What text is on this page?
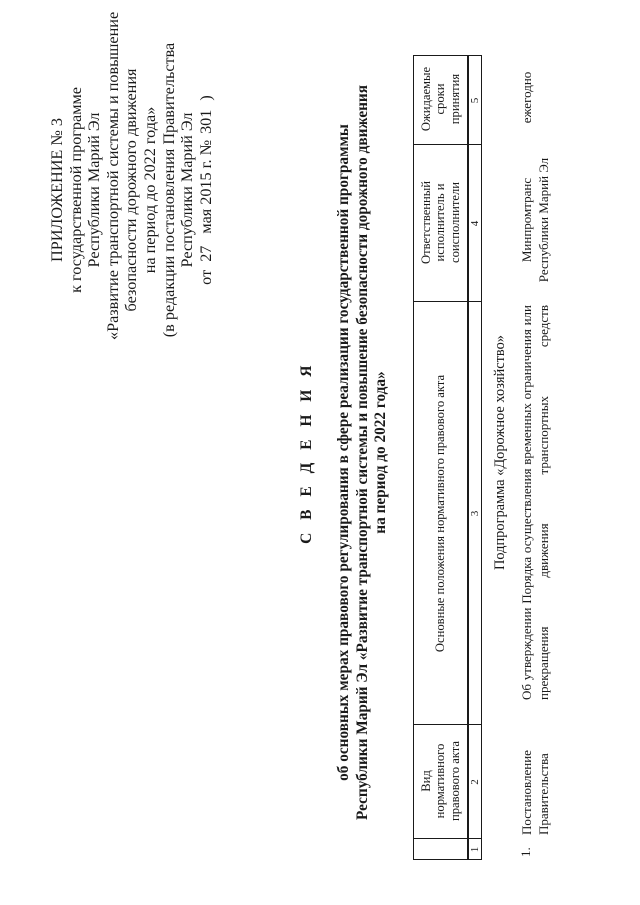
ПРИЛОЖЕНИЕ № 3 к государственной программе Республики Марий Эл «Развитие транспортной системы и повышение безопасности дорожного движения на период до 2022 года» (в редакции постановления Правительства Республики Марий Эл
от 27 мая 2015 г. № 301 )
С В Е Д Е Н И Я об основных мерах правового регулирования в сфере реализации государственной программы Республики Марий Эл «Развитие транспортной системы и повышение безопасности дорожного движения на период до 2022 года»
Вид нормативного правового акта
Основные положения нормативного правового акта
Ответственный исполнитель и соисполнители
Ожидаемые сроки принятия
1
2
3
4
5
Подпрограмма «Дорожное хозяйство»
1.
Постановление Правительства
Об утверждении Порядка осуществления временных ограничения или прекращения движения транспортных средств
Минпромтранс Республики Марий Эл
ежегодно
